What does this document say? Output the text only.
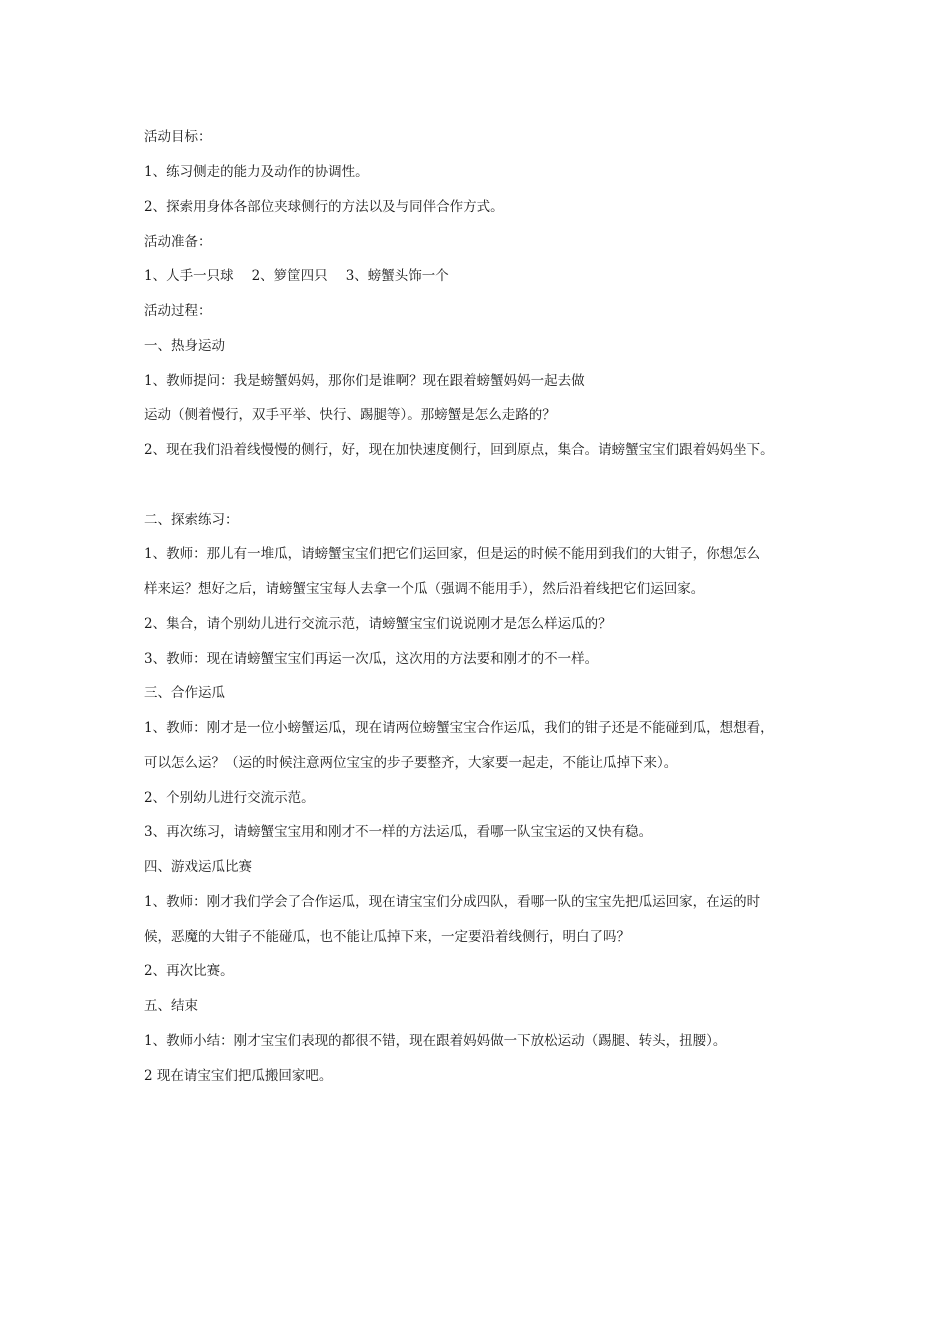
活动目标：
1、练习侧走的能力及动作的协调性。
2、探索用身体各部位夹球侧行的方法以及与同伴合作方式。
活动准备：
1、人手一只球 2、箩筐四只 3、螃蟹头饰一个
活动过程：
一、热身运动
1、教师提问：我是螃蟹妈妈，那你们是谁啊？现在跟着螃蟹妈妈一起去做
运动（侧着慢行，双手平举、快行、踢腿等）。那螃蟹是怎么走路的？
2、现在我们沿着线慢慢的侧行，好，现在加快速度侧行，回到原点，集合。请螃蟹宝宝们跟着妈妈坐下。
二、探索练习：
1、教师：那儿有一堆瓜，请螃蟹宝宝们把它们运回家，但是运的时候不能用到我们的大钳子，你想怎么
样来运？想好之后，请螃蟹宝宝每人去拿一个瓜（强调不能用手），然后沿着线把它们运回家。
2、集合，请个别幼儿进行交流示范，请螃蟹宝宝们说说刚才是怎么样运瓜的？
3、教师：现在请螃蟹宝宝们再运一次瓜，这次用的方法要和刚才的不一样。
三、合作运瓜
1、教师：刚才是一位小螃蟹运瓜，现在请两位螃蟹宝宝合作运瓜，我们的钳子还是不能碰到瓜，想想看，
可以怎么运？（运的时候注意两位宝宝的步子要整齐，大家要一起走，不能让瓜掉下来）。
2、个别幼儿进行交流示范。
3、再次练习，请螃蟹宝宝用和刚才不一样的方法运瓜，看哪一队宝宝运的又快有稳。
四、游戏运瓜比赛
1、教师：刚才我们学会了合作运瓜，现在请宝宝们分成四队，看哪一队的宝宝先把瓜运回家，在运的时
候，恶魔的大钳子不能碰瓜，也不能让瓜掉下来，一定要沿着线侧行，明白了吗？
2、再次比赛。
五、结束
1、教师小结：刚才宝宝们表现的都很不错，现在跟着妈妈做一下放松运动（踢腿、转头，扭腰）。
2 现在请宝宝们把瓜搬回家吧。
